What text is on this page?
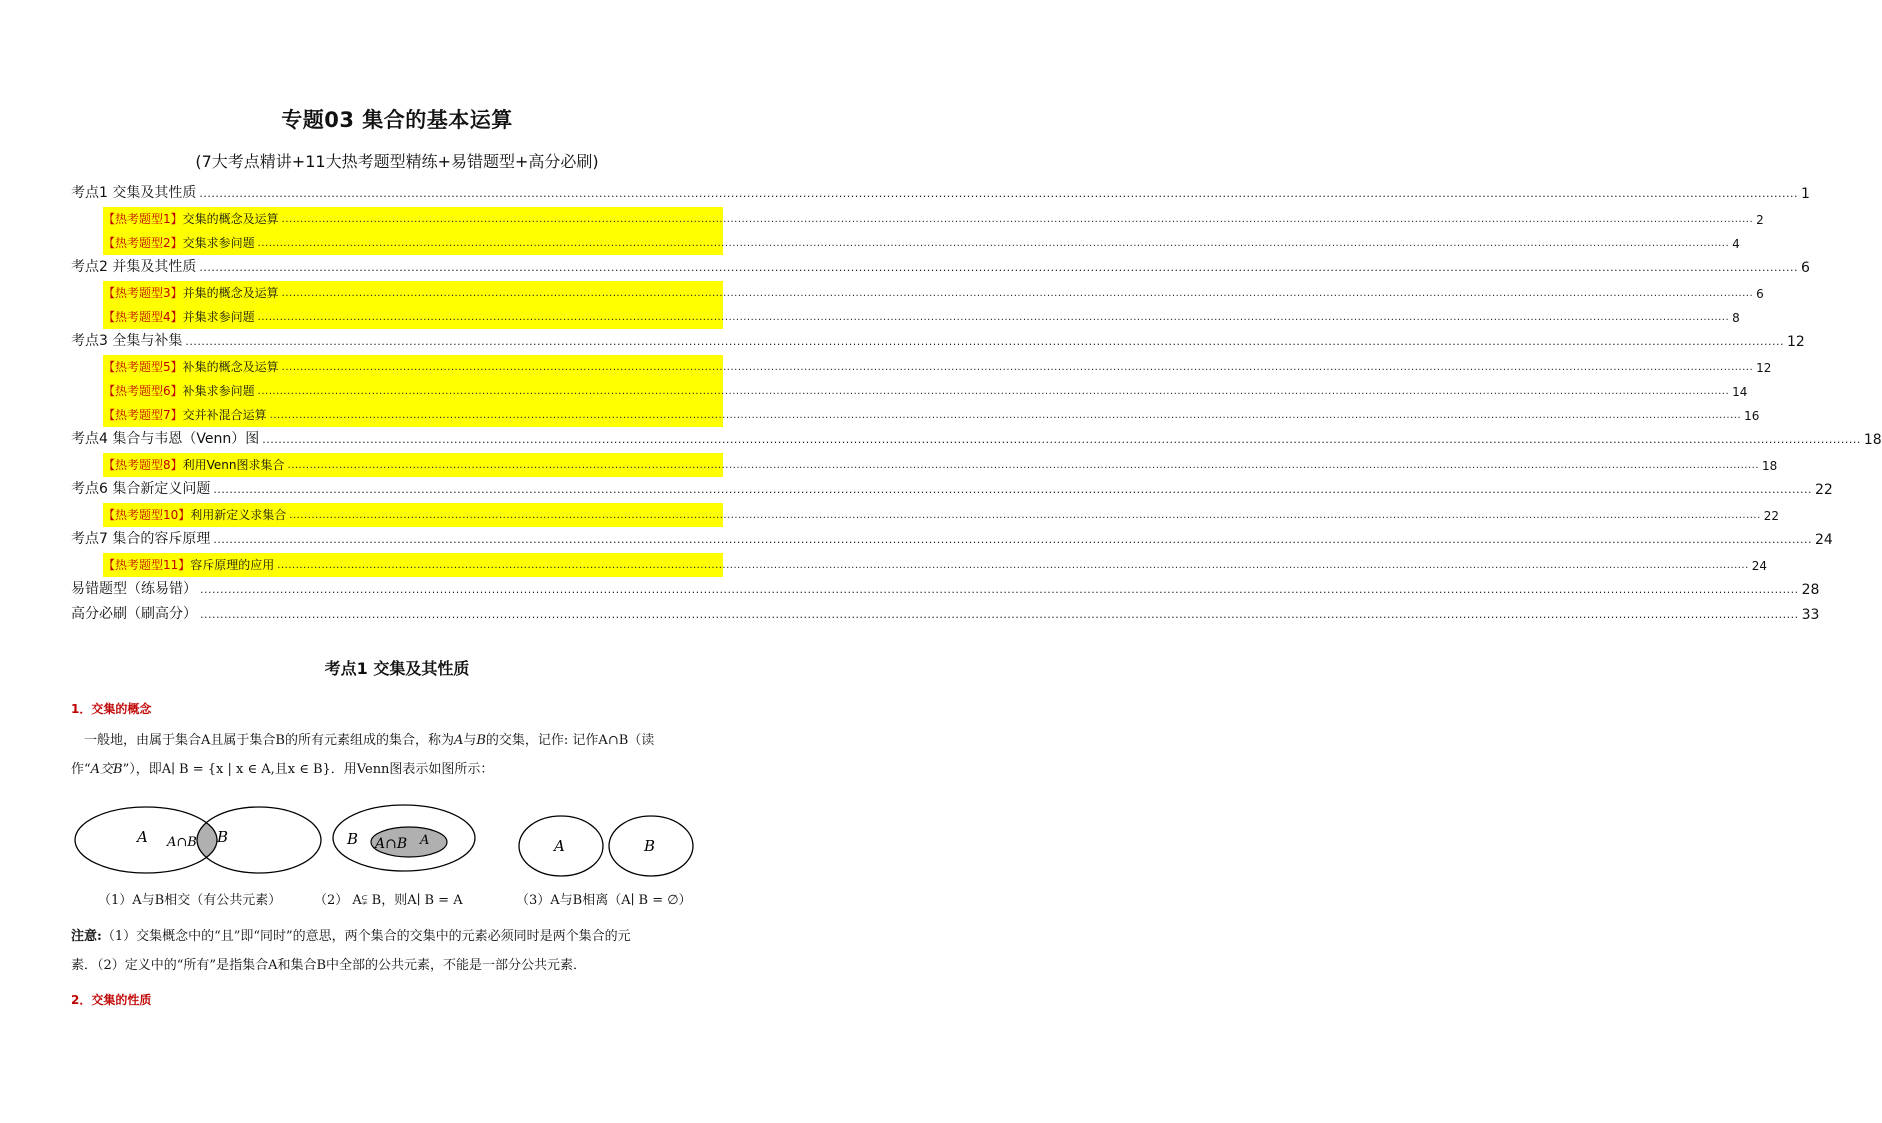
专题03 集合的基本运算
(7大考点精讲+11大热考题型精练+易错题型+高分必刷)
考点1 交集及其性质 ................................................................................................................................................................................................................................................................................................................................................................................................................ 1
【热考题型1】交集的概念及运算 ................................................................................................................................................................................................................................................................................................................................................................................................................ 2
【热考题型2】交集求参问题 ................................................................................................................................................................................................................................................................................................................................................................................................................ 4
考点2 并集及其性质 ................................................................................................................................................................................................................................................................................................................................................................................................................ 6
【热考题型3】并集的概念及运算 ................................................................................................................................................................................................................................................................................................................................................................................................................ 6
【热考题型4】并集求参问题 ................................................................................................................................................................................................................................................................................................................................................................................................................ 8
考点3 全集与补集 ................................................................................................................................................................................................................................................................................................................................................................................................................ 12
【热考题型5】补集的概念及运算 ................................................................................................................................................................................................................................................................................................................................................................................................................ 12
【热考题型6】补集求参问题 ................................................................................................................................................................................................................................................................................................................................................................................................................ 14
【热考题型7】交并补混合运算 ................................................................................................................................................................................................................................................................................................................................................................................................................ 16
考点4 集合与韦恩（Venn）图 ................................................................................................................................................................................................................................................................................................................................................................................................................ 18
【热考题型8】利用Venn图求集合 ................................................................................................................................................................................................................................................................................................................................................................................................................ 18
考点6 集合新定义问题 ................................................................................................................................................................................................................................................................................................................................................................................................................ 22
【热考题型10】利用新定义求集合 ................................................................................................................................................................................................................................................................................................................................................................................................................ 22
考点7 集合的容斥原理 ................................................................................................................................................................................................................................................................................................................................................................................................................ 24
【热考题型11】容斥原理的应用 ................................................................................................................................................................................................................................................................................................................................................................................................................ 24
易错题型（练易错） ................................................................................................................................................................................................................................................................................................................................................................................................................ 28
高分必刷（刷高分） ................................................................................................................................................................................................................................................................................................................................................................................................................ 33
考点1 交集及其性质
1．交集的概念
一般地，由属于集合A且属于集合B的所有元素组成的集合，称为A与B的交集，记作: 记作A∩B（读
作“A交B”），即A∣ B = {x | x ∈ A,且x ∈ B}．用Venn图表示如图所示：
A A∩B B	B A∩B A	A	B
（1）A与B相交（有公共元素）	（2） A⫋ B，则A∣ B = A	（3）A与B相离（A∣ B = ∅）
注意:（1）交集概念中的“且”即“同时”的意思，两个集合的交集中的元素必须同时是两个集合的元
素．（2）定义中的“所有”是指集合A和集合B中全部的公共元素，不能是一部分公共元素．
2．交集的性质
